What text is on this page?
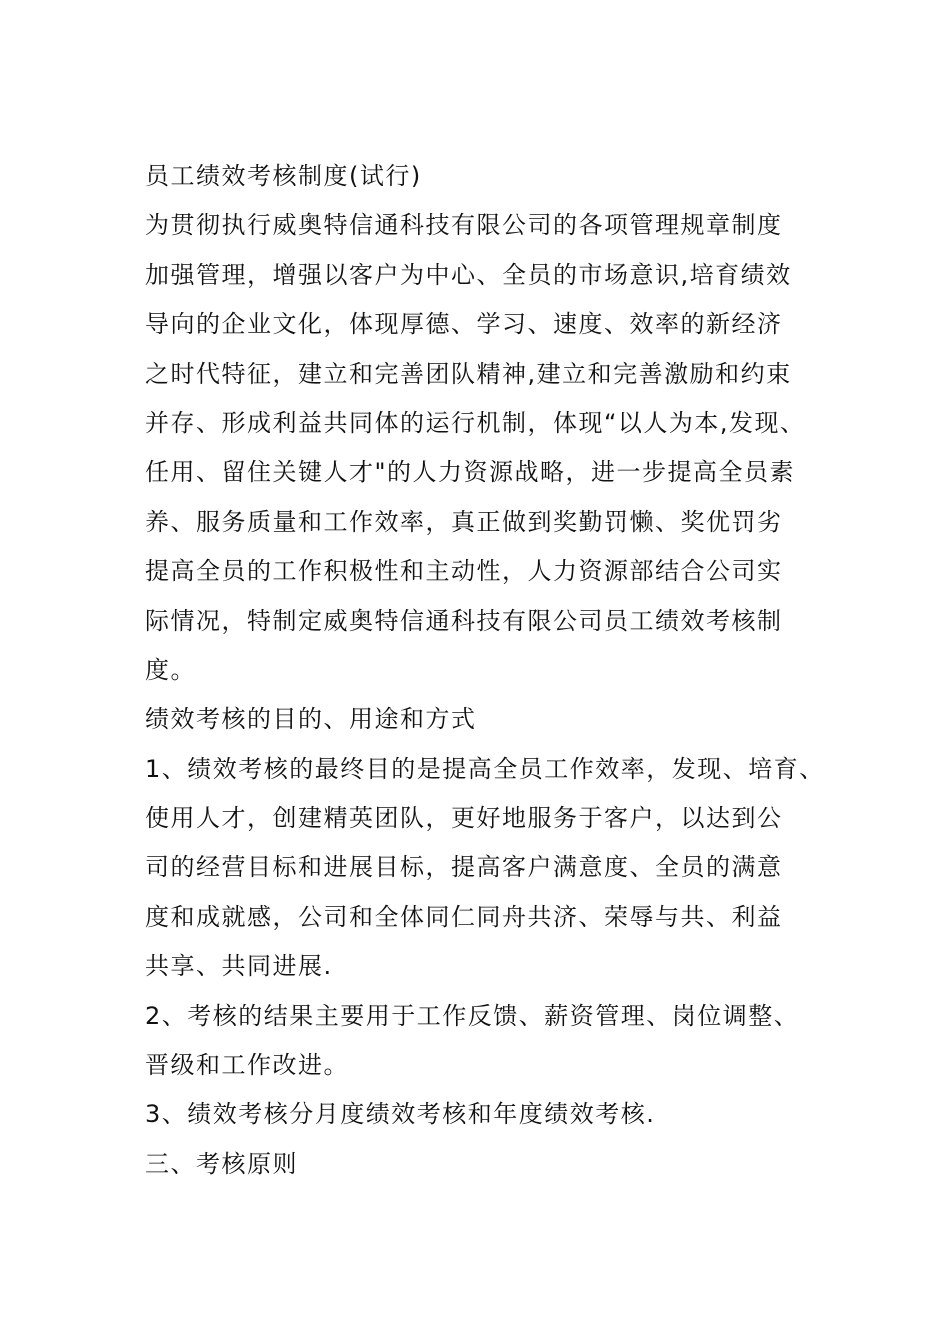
员工绩效考核制度(试行)
为贯彻执行威奥特信通科技有限公司的各项管理规章制度
加强管理，增强以客户为中心、全员的市场意识,培育绩效
导向的企业文化，体现厚德、学习、速度、效率的新经济
之时代特征，建立和完善团队精神,建立和完善激励和约束
并存、形成利益共同体的运行机制，体现“以人为本,发现、
任用、留住关键人才"的人力资源战略，进一步提高全员素
养、服务质量和工作效率，真正做到奖勤罚懒、奖优罚劣
提高全员的工作积极性和主动性，人力资源部结合公司实
际情况，特制定威奥特信通科技有限公司员工绩效考核制
度。
绩效考核的目的、用途和方式
1、绩效考核的最终目的是提高全员工作效率，发现、培育、
使用人才，创建精英团队，更好地服务于客户，以达到公
司的经营目标和进展目标，提高客户满意度、全员的满意
度和成就感，公司和全体同仁同舟共济、荣辱与共、利益
共享、共同进展.
2、考核的结果主要用于工作反馈、薪资管理、岗位调整、
晋级和工作改进。
3、绩效考核分月度绩效考核和年度绩效考核.
三、考核原则
